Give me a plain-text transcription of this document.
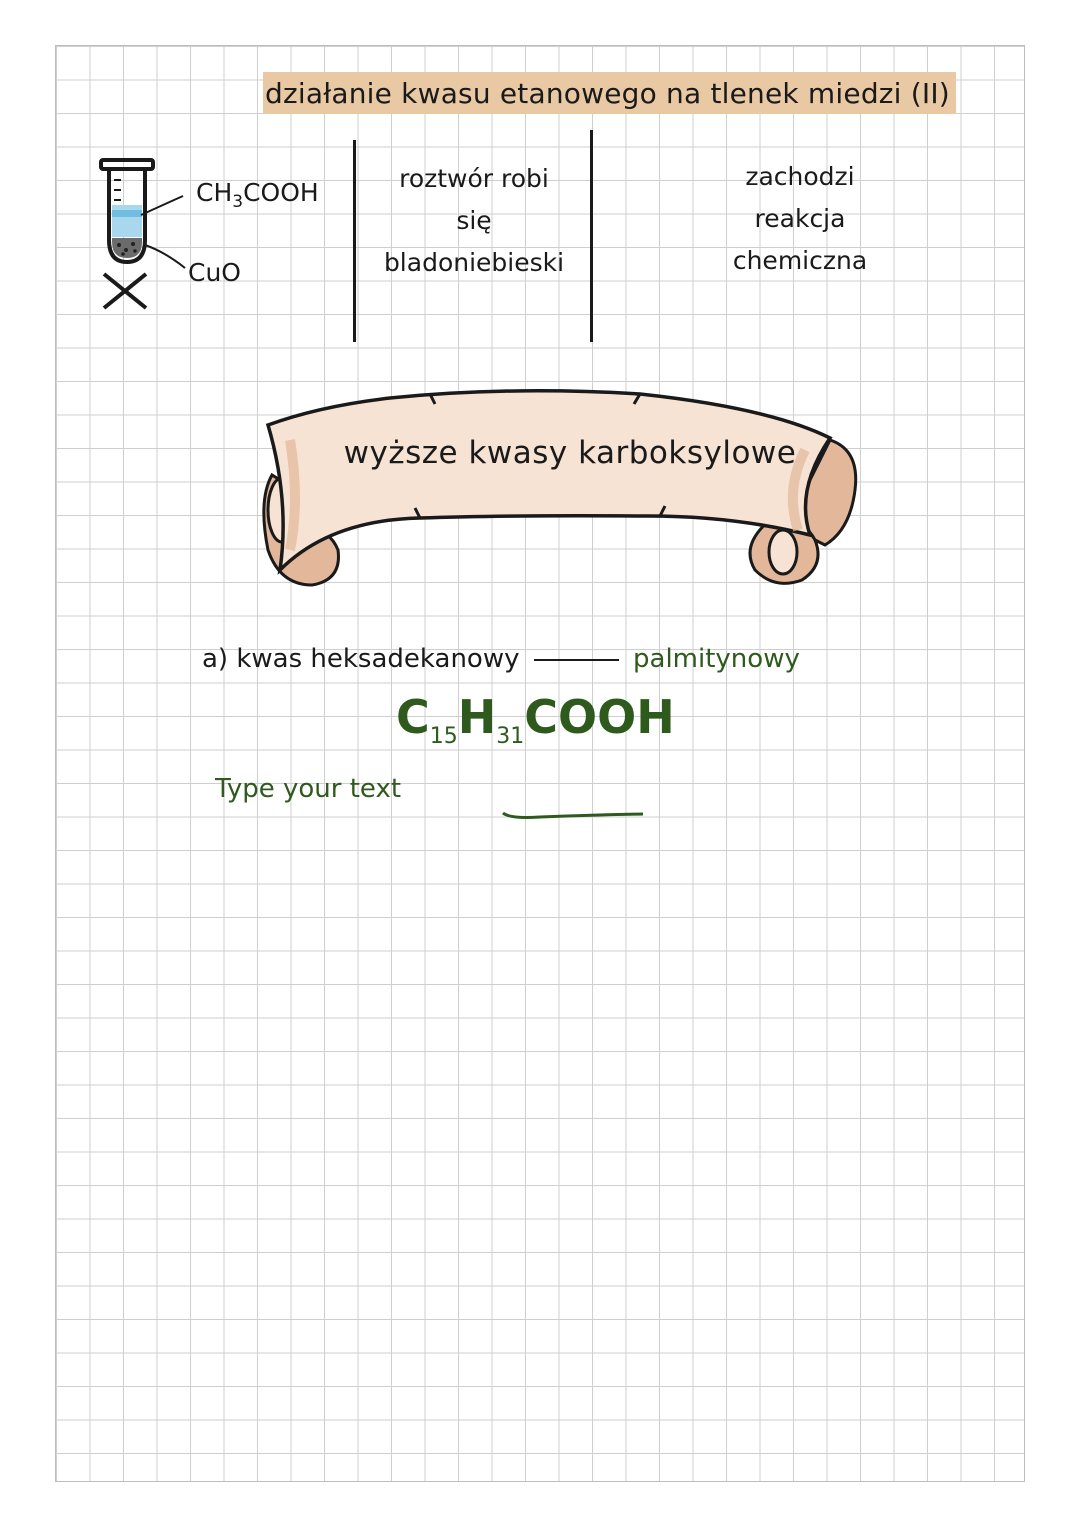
działanie kwasu etanowego na tlenek miedzi (II)
$CH_3COOH$
CuO
roztwór robi
się
bladoniebieski
zachodzi
reakcja
chemiczna
wyższe kwasy karboksylowe
a) kwas heksadekanowy	palmitynowy
$C_{15}H_{31}COOH$
Type your text
